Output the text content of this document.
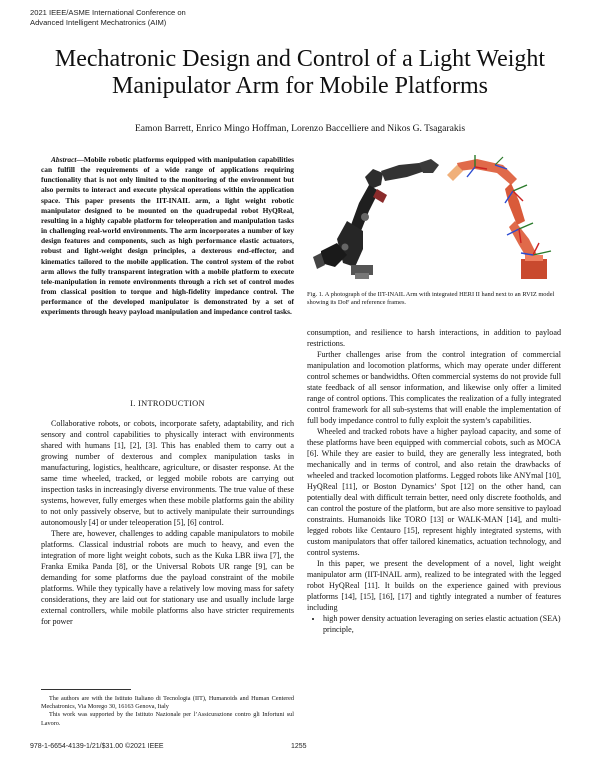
2021 IEEE/ASME International Conference on
Advanced Intelligent Mechatronics (AIM)
Mechatronic Design and Control of a Light Weight
Manipulator Arm for Mobile Platforms
Eamon Barrett, Enrico Mingo Hoffman, Lorenzo Baccelliere and Nikos G. Tsagarakis

Abstract—Mobile robotic platforms equipped with manipulation capabilities can fulfill the requirements of a wide range of applications requiring functionality that is not only limited to the monitoring of the environment but also permits to interact and execute physical operations within the application space. This paper presents the IIT-INAIL arm, a light weight robotic manipulator designed to be mounted on the quadrupedal robot HyQReal, resulting in a highly capable platform for teleoperation and manipulation tasks in challenging real-world environments. The arm incorporates a number of key design features and components, such as high performance elastic actuators, robust and light-weight design principles, a dexterous end-effector, and kinematics tailored to the mobile application. The control system of the robot arm allows the fully transparent integration with a mobile platform to execute tele-manipulation in remote environments through a rich set of control modes from classical position to torque and high-fidelity impedance control. The performance of the developed manipulator is demonstrated by a set of experiments through heavy payload manipulation and impedance control tasks.

I. INTRODUCTION

Collaborative robots, or cobots, incorporate safety, adaptability, and rich sensory and control capabilities to physically interact with environments shared with humans [1], [2], [3]. This has enabled them to carry out a growing number of dexterous and complex manipulation tasks in manufacturing, logistics, healthcare, agriculture, or disaster response. At the same time wheeled, tracked, or legged mobile robots are carrying out inspection tasks in increasingly diverse environments. The true value of these systems, however, fully emerges when these mobile platforms gain the ability to not only passively observe, but to actively manipulate their surroundings autonomously [4] or under teleoperation [5], [6] control.

There are, however, challenges to adding capable manipulators to mobile platforms. Classical industrial robots are much to heavy, and even the integration of more light weight cobots, such as the Kuka LBR iiwa [7], the Franka Emika Panda [8], or the Universal Robots UR range [9], can be demanding for some platforms due the payload constraint of the mobile platforms. While they typically have a relatively low moving mass for safety considerations, they are laid out for stationary use and usually include large external controllers, while mobile platforms also have stricter requirements for power

The authors are with the Istituto Italiano di Tecnologia (IIT), Humanoids and Human Centered Mechatronics, Via Morego 30, 16163 Genova, Italy

This work was supported by the Istituto Nazionale per l’Assicurazione contro gli Infortuni sul Lavoro.

Fig. 1. A photograph of the IIT-INAIL Arm with integrated HERI II hand next to an RVIZ model showing its DoF and reference frames.

consumption, and resilience to harsh interactions, in addition to payload restrictions.

Further challenges arise from the control integration of commercial manipulation and locomotion platforms, which may operate under different control schemes or bandwidths. Often commercial systems do not provide full state feedback of all sensor information, and likewise only offer a limited range of control options. This complicates the realization of a fully integrated control framework for all sub-systems that will enable the implementation of full body impedance control to fully exploit the system’s capabilities.

Wheeled and tracked robots have a higher payload capacity, and some of these platforms have been equipped with commercial cobots, such as MOCA [6]. While they are easier to build, they are generally less integrated, both mechanically and in terms of control, and also retain the drawbacks of wheeled and tracked locomotion platforms. Legged robots like ANYmal [10], HyQReal [11], or Boston Dynamics’ Spot [12] on the other hand, can potentially deal with difficult terrain better, need only discrete footholds, and can control the posture of the platform, but are also more sensitive to payload constraints. Humanoids like TORO [13] or WALK-MAN [14], and multi-legged robots like Centauro [15], represent highly integrated systems, with custom manipulators that offer tailored kinematics, actuation technology, and control systems.

In this paper, we present the development of a novel, light weight manipulator arm (IIT-INAIL arm), realized to be integrated with the legged robot HyQReal [11]. It builds on the experience gained with previous platforms [14], [15], [16], [17] and tightly integrated a number of features including

• high power density actuation leveraging on series elastic actuation (SEA) principle,
978-1-6654-4139-1/21/$31.00 ©2021 IEEE	1255
